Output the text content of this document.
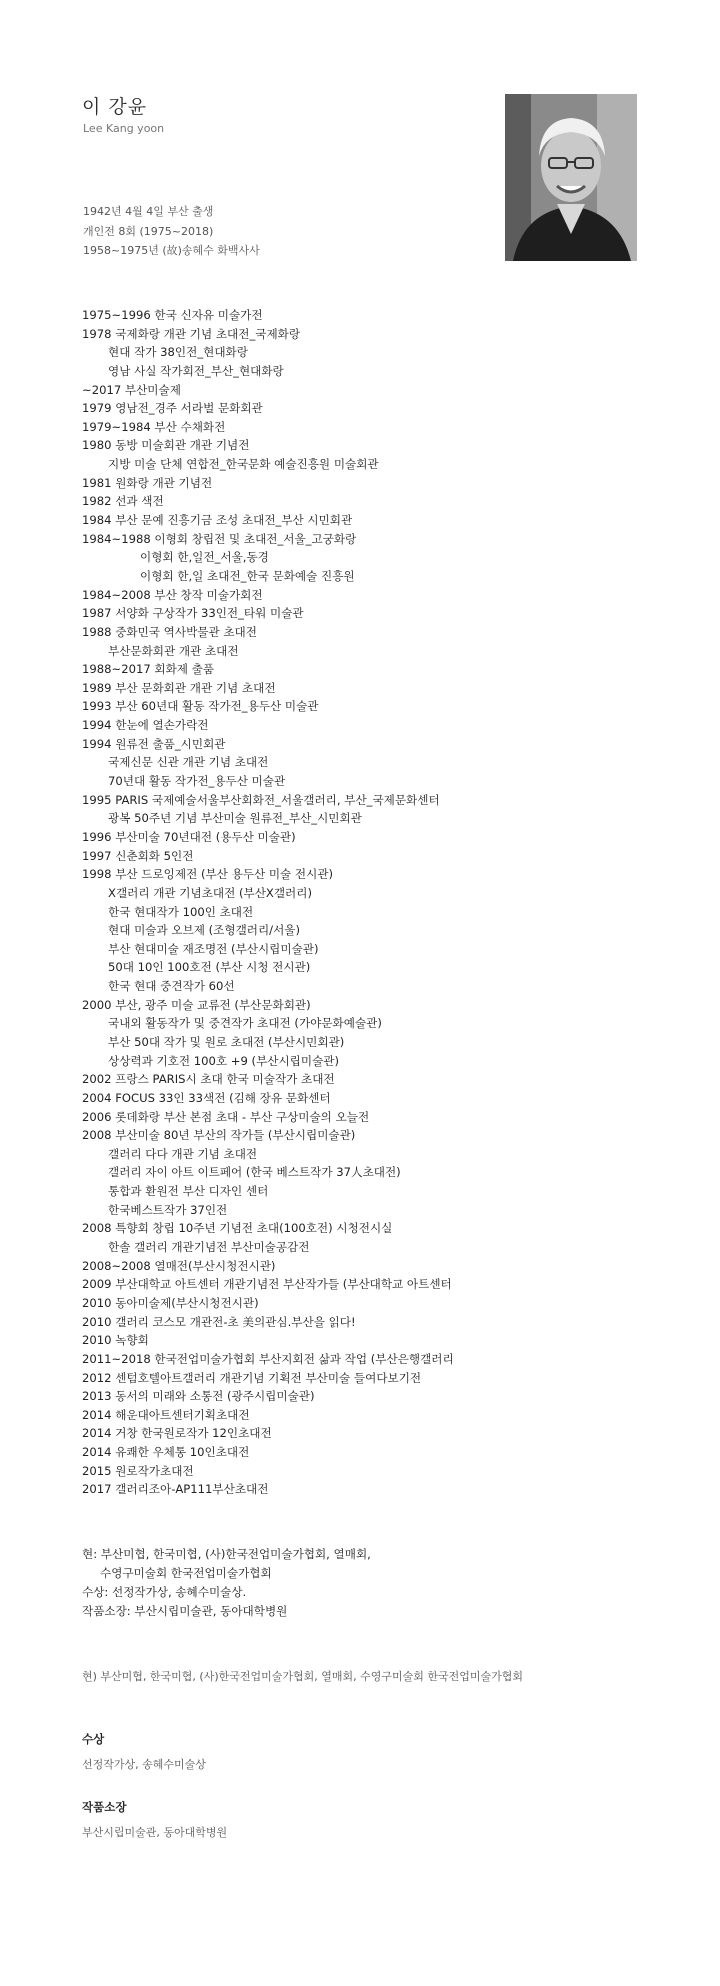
이 강윤
Lee Kang yoon
1942년 4월 4일 부산 출생
개인전 8회 (1975~2018)
1958~1975년 (故)송혜수 화백사사
1975~1996 한국 신자유 미술가전
1978 국제화랑 개관 기념 초대전_국제화랑
현대 작가 38인전_현대화랑
영남 사실 작가회전_부산_현대화랑
~2017 부산미술제
1979 영남전_경주 서라벌 문화회관
1979~1984 부산 수채화전
1980 동방 미술회관 개관 기념전
지방 미술 단체 연합전_한국문화 예술진흥원 미술회관
1981 원화랑 개관 기념전
1982 선과 색전
1984 부산 문예 진흥기금 조성 초대전_부산 시민회관
1984~1988 이형회 창립전 및 초대전_서울_고궁화랑
이형회 한,일전_서울,동경
이형회 한,일 초대전_한국 문화예술 진흥원
1984~2008 부산 창작 미술가회전
1987 서양화 구상작가 33인전_타워 미술관
1988 중화민국 역사박물관 초대전
부산문화회관 개관 초대전
1988~2017 회화제 출품
1989 부산 문화회관 개관 기념 초대전
1993 부산 60년대 활동 작가전_용두산 미술관
1994 한눈에 열손가락전
1994 원류전 출품_시민회관
국제신문 신관 개관 기념 초대전
70년대 활동 작가전_용두산 미술관
1995 PARIS 국제예술서울부산회화전_서울갤러리, 부산_국제문화센터
광복 50주년 기념 부산미술 원류전_부산_시민회관
1996 부산미술 70년대전 (용두산 미술관)
1997 신춘회화 5인전
1998 부산 드로잉제전 (부산 용두산 미술 전시관)
X갤러리 개관 기념초대전 (부산X갤러리)
한국 현대작가 100인 초대전
현대 미술과 오브제 (조형갤러리/서울)
부산 현대미술 재조명전 (부산시립미술관)
50대 10인 100호전 (부산 시청 전시관)
한국 현대 중견작가 60선
2000 부산, 광주 미술 교류전 (부산문화회관)
국내외 활동작가 및 중견작가 초대전 (가야문화예술관)
부산 50대 작가 및 원로 초대전 (부산시민회관)
상상력과 기호전 100호 +9 (부산시립미술관)
2002 프랑스 PARIS시 초대 한국 미술작가 초대전
2004 FOCUS 33인 33색전 (김해 장유 문화센터
2006 롯데화랑 부산 본점 초대 - 부산 구상미술의 오늘전
2008 부산미술 80년 부산의 작가들 (부산시립미술관)
갤러리 다다 개관 기념 초대전
갤러리 자이 아트 이트페어 (한국 베스트작가 37人초대전)
통합과 환원전 부산 디자인 센터
한국베스트작가 37인전
2008 특향회 창립 10주년 기념전 초대(100호전) 시청전시실
한솔 갤러리 개관기념전 부산미술공감전
2008~2008 열매전(부산시청전시관)
2009 부산대학교 아트센터 개관기념전 부산작가들 (부산대학교 아트센터
2010 동아미술제(부산시청전시관)
2010 갤러리 코스모 개관전-초 美의관심.부산을 읽다!
2010 녹향회
2011~2018 한국전업미술가협회 부산지회전 삶과 작업 (부산은행갤러리
2012 센텀호텔아트갤러리 개관기념 기획전 부산미술 들여다보기전
2013 동서의 미래와 소통전 (광주시립미술관)
2014 해운대아트센터기획초대전
2014 거창 한국원로작가 12인초대전
2014 유쾌한 우체통 10인초대전
2015 원로작가초대전
2017 갤러리조아-AP111부산초대전
현: 부산미협, 한국미협, (사)한국전업미술가협회, 열매회,
수영구미술회 한국전업미술가협회
수상: 선정작가상, 송혜수미술상.
작품소장: 부산시립미술관, 동아대학병원
현) 부산미협, 한국미협, (사)한국전업미술가협회, 열매회, 수영구미술회 한국전업미술가협회
수상
선정작가상, 송혜수미술상
작품소장
부산시립미술관, 동아대학병원
